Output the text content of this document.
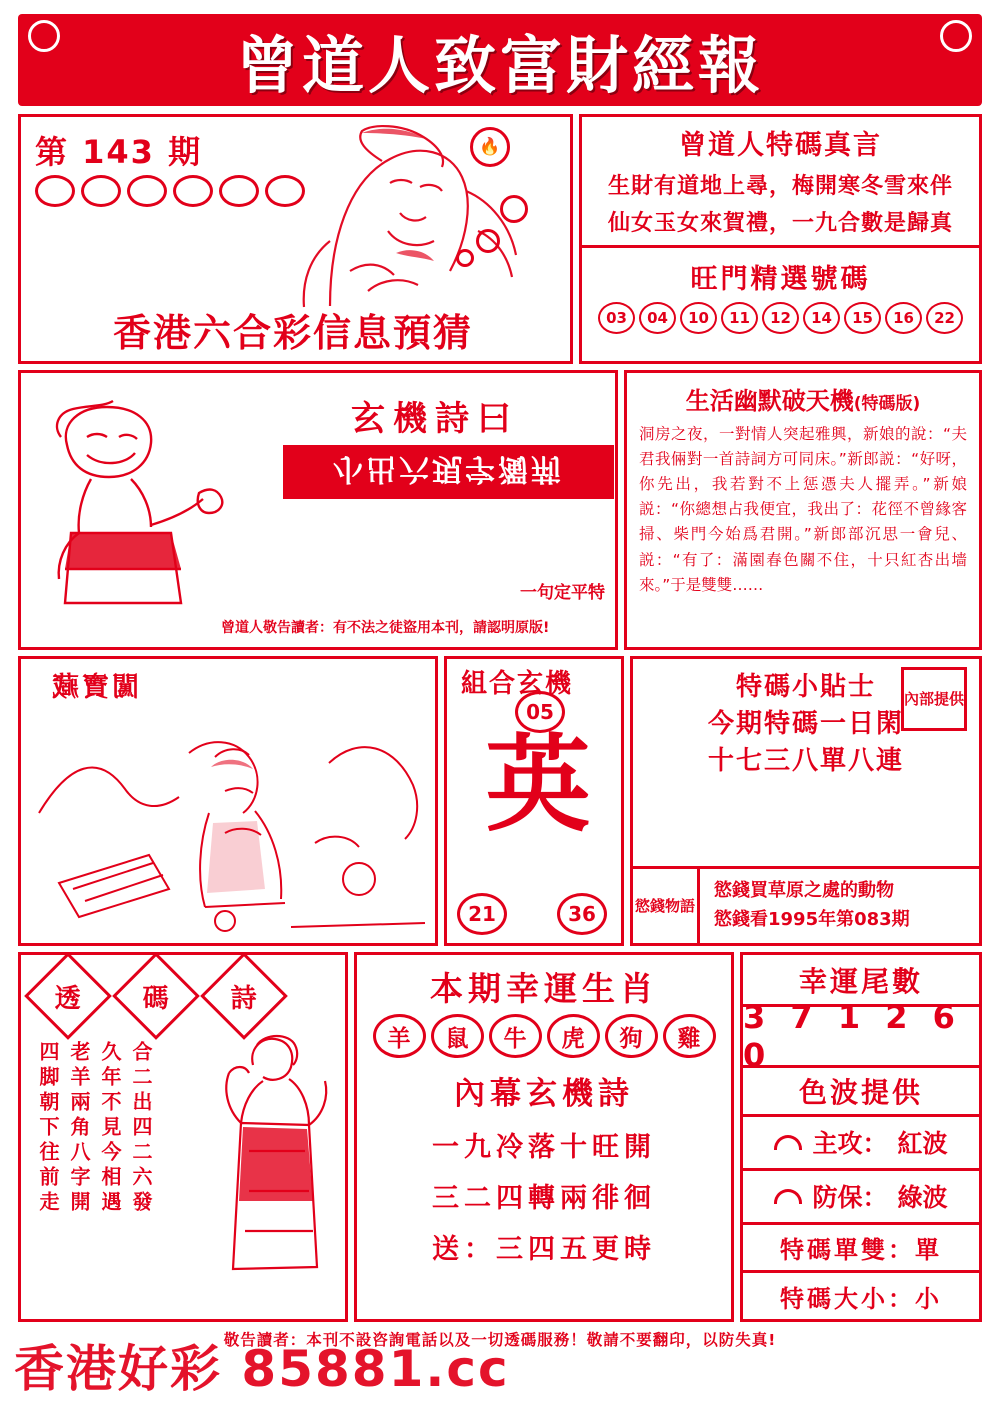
曾道人致富財經報
第 143 期	🔥
香港六合彩信息預猜
曾道人特碼真言
生財有道地上尋，梅開寒冬雪來伴
仙女玉女來賀禮，一九合數是歸真
旺門精選號碼
03	04	10	11	12	14	15	16	22
玄機詩曰
小出六現字濁荊
一句定平特
曾道人敬告讀者：有不法之徒盜用本刊，請認明原版!
生活幽默破天機(特碼版)
洞房之夜，一對情人突起雅興，新娘的說：“夫君我倆對一首詩詞方可同床。”新郎説：“好呀，你先出，我若對不上惩憑夫人擺弄。”新娘説：“你總想占我便宜，我出了：花徑不曾緣客掃、柴門今始爲君開。”新郎部沉思一會兒、説：“有了：滿園春色關不住，十只紅杏出墙來。”于是雙雙……
闖寶藏	組合玄機
05
英
21	36
內部提供
特碼小貼士
今期特碼一日閑
十七三八單八連
慾錢物語
慾錢買草原之處的動物
慾錢看1995年第083期
透 碼 詩
四脚朝下往前走 老羊兩角八字開 久年不見今相遇 合二出四二六發
本期幸運生肖
羊	鼠	牛	虎	狗	雞
內幕玄機詩
一九冷落十旺開
三二四轉兩徘徊
送：三四五更時
幸運尾數
3 7 1 2 6 0
色波提供
主攻： 紅波
防保： 綠波
特碼單雙：單
特碼大小：小
敬告讀者：本刊不設咨詢電話以及一切透碼服務！敬請不要翻印，以防失真!
香港好彩 85881.cc
